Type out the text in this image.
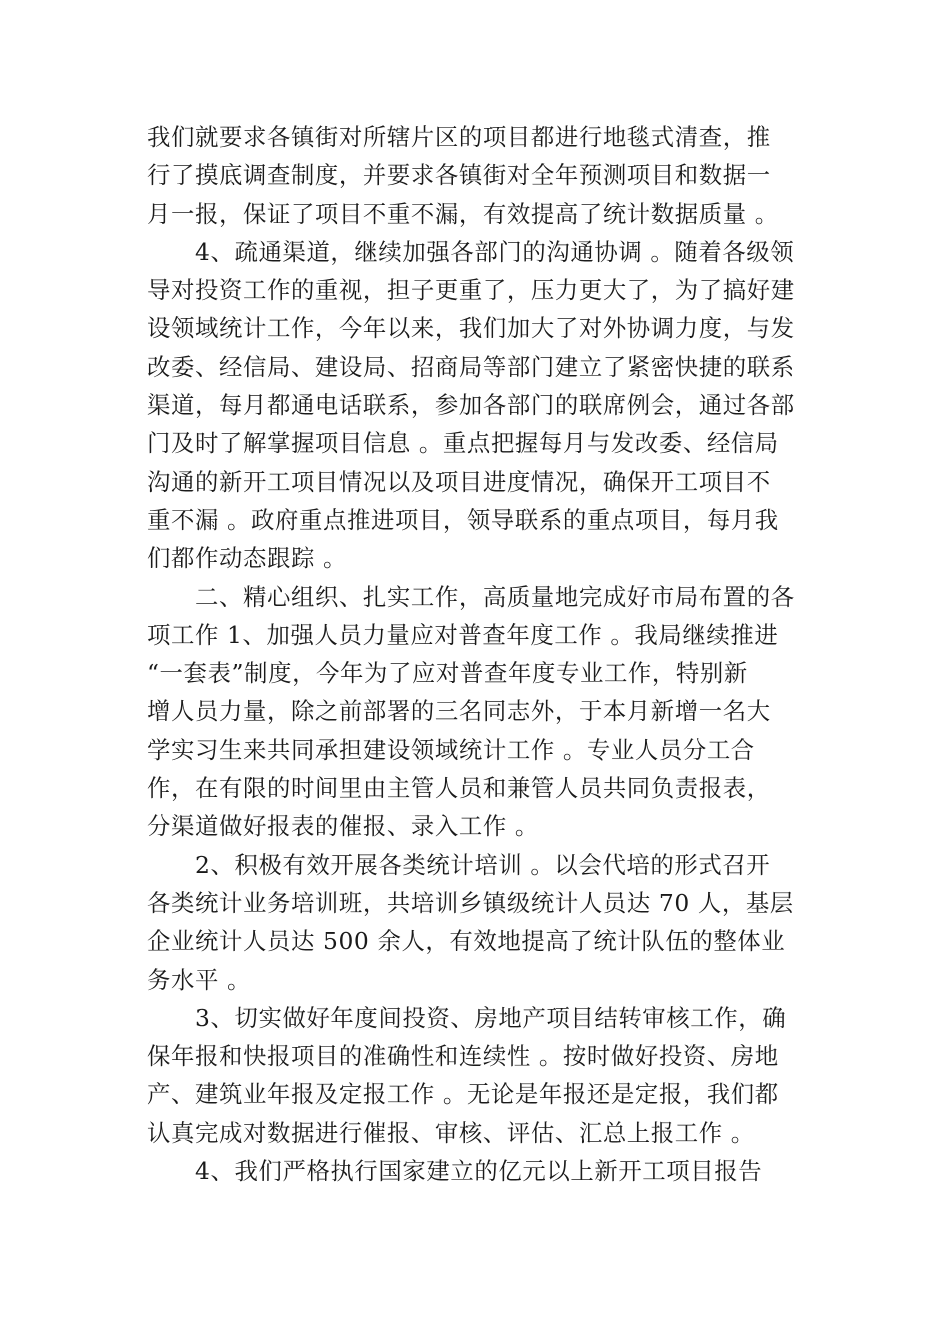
我们就要求各镇街对所辖片区的项目都进行地毯式清查，推
行了摸底调查制度，并要求各镇街对全年预测项目和数据一
月一报，保证了项目不重不漏，有效提高了统计数据质量 。
4、疏通渠道，继续加强各部门的沟通协调 。随着各级领
导对投资工作的重视，担子更重了，压力更大了，为了搞好建
设领域统计工作，今年以来，我们加大了对外协调力度，与发
改委、经信局、建设局、招商局等部门建立了紧密快捷的联系
渠道，每月都通电话联系，参加各部门的联席例会，通过各部
门及时了解掌握项目信息 。重点把握每月与发改委、经信局
沟通的新开工项目情况以及项目进度情况，确保开工项目不
重不漏 。政府重点推进项目，领导联系的重点项目，每月我
们都作动态跟踪 。
二、精心组织、扎实工作，高质量地完成好市局布置的各
项工作 1、加强人员力量应对普查年度工作 。我局继续推进
“一套表”制度，今年为了应对普查年度专业工作，特别新
增人员力量，除之前部署的三名同志外，于本月新增一名大
学实习生来共同承担建设领域统计工作 。专业人员分工合
作，在有限的时间里由主管人员和兼管人员共同负责报表，
分渠道做好报表的催报、录入工作 。
2、积极有效开展各类统计培训 。以会代培的形式召开
各类统计业务培训班，共培训乡镇级统计人员达 70 人，基层
企业统计人员达 500 余人，有效地提高了统计队伍的整体业
务水平 。
3、切实做好年度间投资、房地产项目结转审核工作，确
保年报和快报项目的准确性和连续性 。按时做好投资、房地
产、建筑业年报及定报工作 。无论是年报还是定报，我们都
认真完成对数据进行催报、审核、评估、汇总上报工作 。
4、我们严格执行国家建立的亿元以上新开工项目报告
